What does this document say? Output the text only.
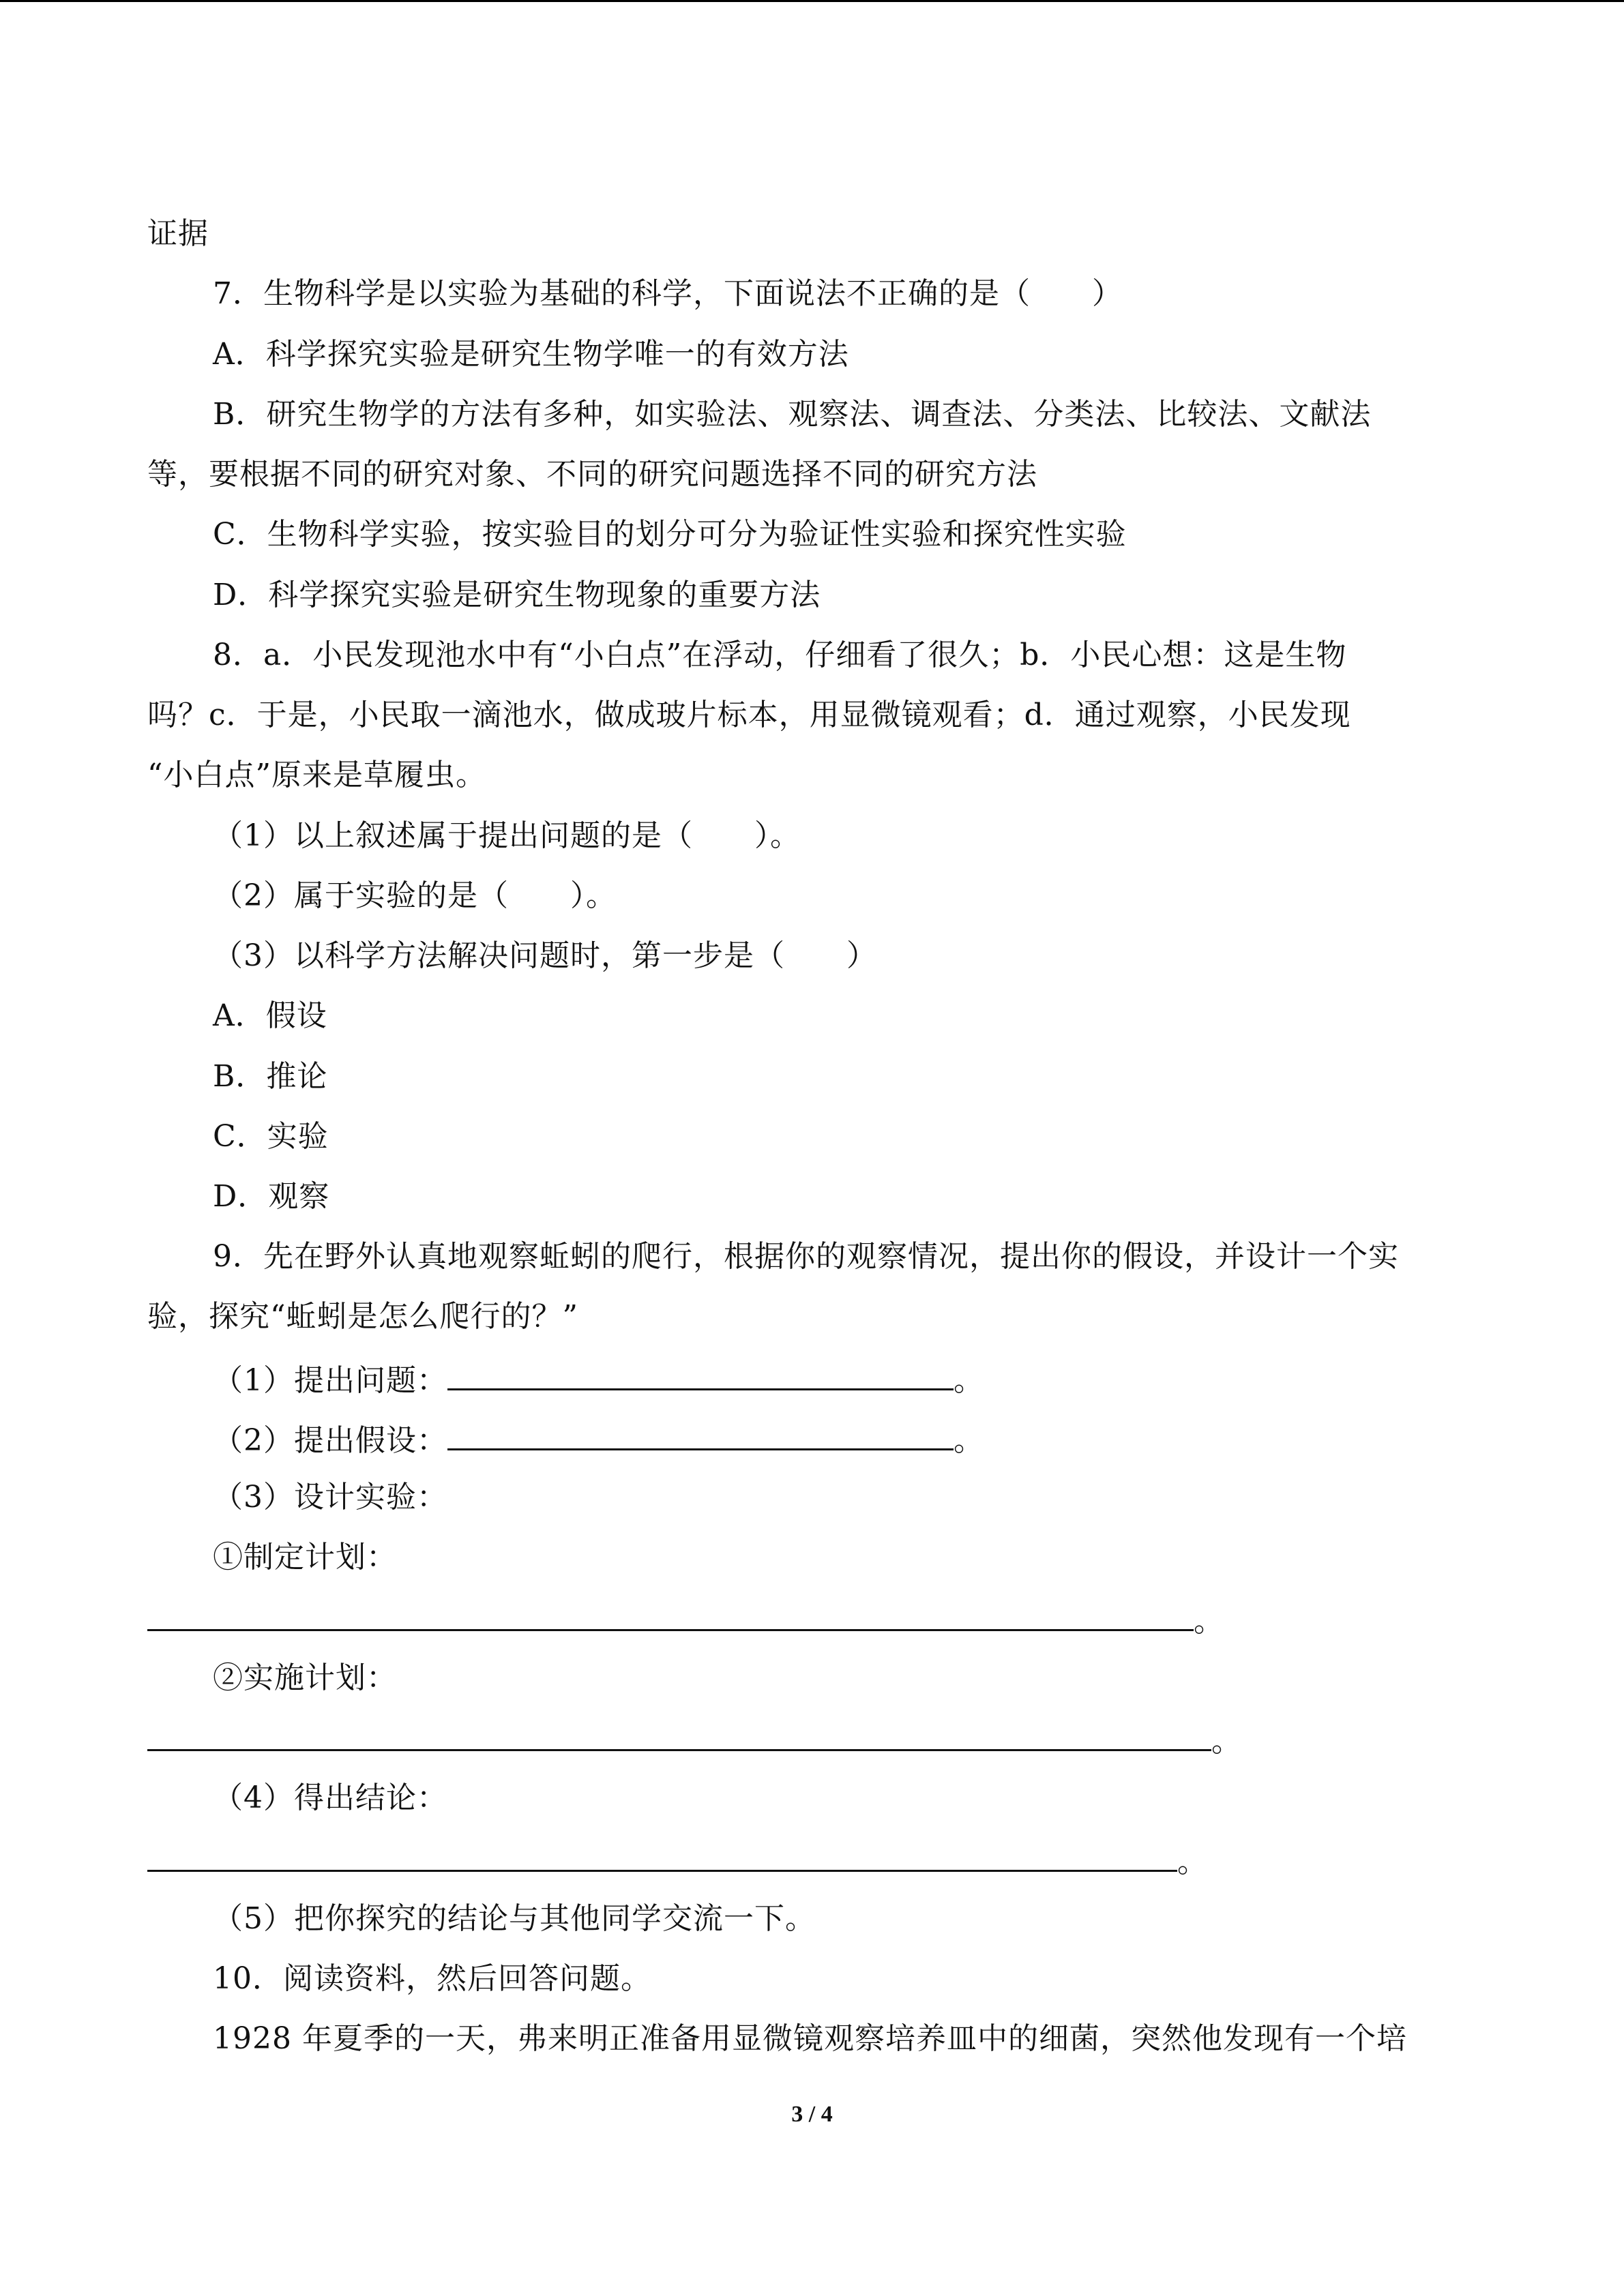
证据
7．生物科学是以实验为基础的科学，下面说法不正确的是（　　）
A．科学探究实验是研究生物学唯一的有效方法
B．研究生物学的方法有多种，如实验法、观察法、调查法、分类法、比较法、文献法
等，要根据不同的研究对象、不同的研究问题选择不同的研究方法
C．生物科学实验，按实验目的划分可分为验证性实验和探究性实验
D．科学探究实验是研究生物现象的重要方法
8．a．小民发现池水中有“小白点”在浮动，仔细看了很久；b．小民心想：这是生物
吗？c．于是，小民取一滴池水，做成玻片标本，用显微镜观看；d．通过观察，小民发现
“小白点”原来是草履虫。
（1）以上叙述属于提出问题的是（　　）。
（2）属于实验的是（　　）。
（3）以科学方法解决问题时，第一步是（　　）
A．假设
B．推论
C．实验
D．观察
9．先在野外认真地观察蚯蚓的爬行，根据你的观察情况，提出你的假设，并设计一个实
验，探究“蚯蚓是怎么爬行的？”
（1）提出问题：	。
（2）提出假设：	。
（3）设计实验：
①制定计划：
。
②实施计划：
。
（4）得出结论：
。
（5）把你探究的结论与其他同学交流一下。
10．阅读资料，然后回答问题。
1928 年夏季的一天，弗来明正准备用显微镜观察培养皿中的细菌，突然他发现有一个培
3 / 4
